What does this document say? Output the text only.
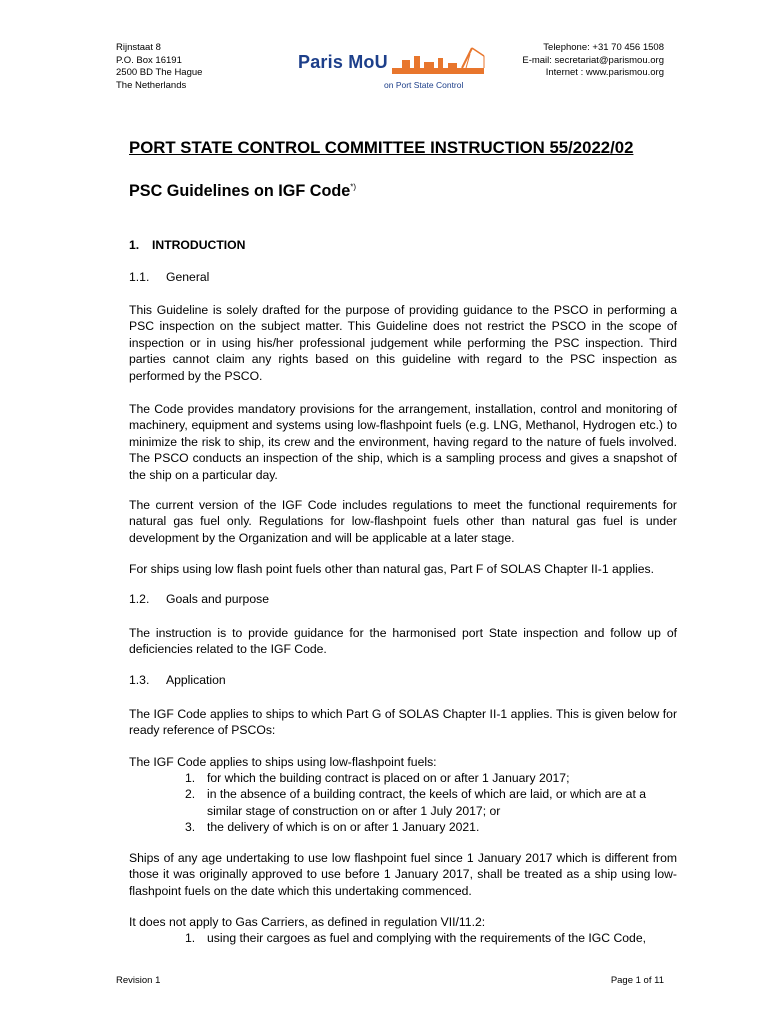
Rijnstaat 8
P.O. Box 16191
2500 BD The Hague
The Netherlands
Paris MoU
on Port State Control
Telephone: +31 70 456 1508
E-mail: secretariat@parismou.org
Internet : www.parismou.org
PORT STATE CONTROL COMMITTEE INSTRUCTION 55/2022/02
PSC Guidelines on IGF Code*)
1. INTRODUCTION
1.1. General
This Guideline is solely drafted for the purpose of providing guidance to the PSCO in performing a PSC inspection on the subject matter. This Guideline does not restrict the PSCO in the scope of inspection or in using his/her professional judgement while performing the PSC inspection. Third parties cannot claim any rights based on this guideline with regard to the PSC inspection as performed by the PSCO.
The Code provides mandatory provisions for the arrangement, installation, control and monitoring of machinery, equipment and systems using low-flashpoint fuels (e.g. LNG, Methanol, Hydrogen etc.) to minimize the risk to ship, its crew and the environment, having regard to the nature of fuels involved. The PSCO conducts an inspection of the ship, which is a sampling process and gives a snapshot of the ship on a particular day.
The current version of the IGF Code includes regulations to meet the functional requirements for natural gas fuel only. Regulations for low-flashpoint fuels other than natural gas fuel is under development by the Organization and will be applicable at a later stage.
For ships using low flash point fuels other than natural gas, Part F of SOLAS Chapter II-1 applies.
1.2. Goals and purpose
The instruction is to provide guidance for the harmonised port State inspection and follow up of deficiencies related to the IGF Code.
1.3. Application
The IGF Code applies to ships to which Part G of SOLAS Chapter II-1 applies. This is given below for ready reference of PSCOs:
The IGF Code applies to ships using low-flashpoint fuels:
1. for which the building contract is placed on or after 1 January 2017;
2. in the absence of a building contract, the keels of which are laid, or which are at a similar stage of construction on or after 1 July 2017; or
3. the delivery of which is on or after 1 January 2021.
Ships of any age undertaking to use low flashpoint fuel since 1 January 2017 which is different from those it was originally approved to use before 1 January 2017, shall be treated as a ship using low-flashpoint fuels on the date which this undertaking commenced.
It does not apply to Gas Carriers, as defined in regulation VII/11.2:
1. using their cargoes as fuel and complying with the requirements of the IGC Code,
Revision 1	Page 1 of 11
